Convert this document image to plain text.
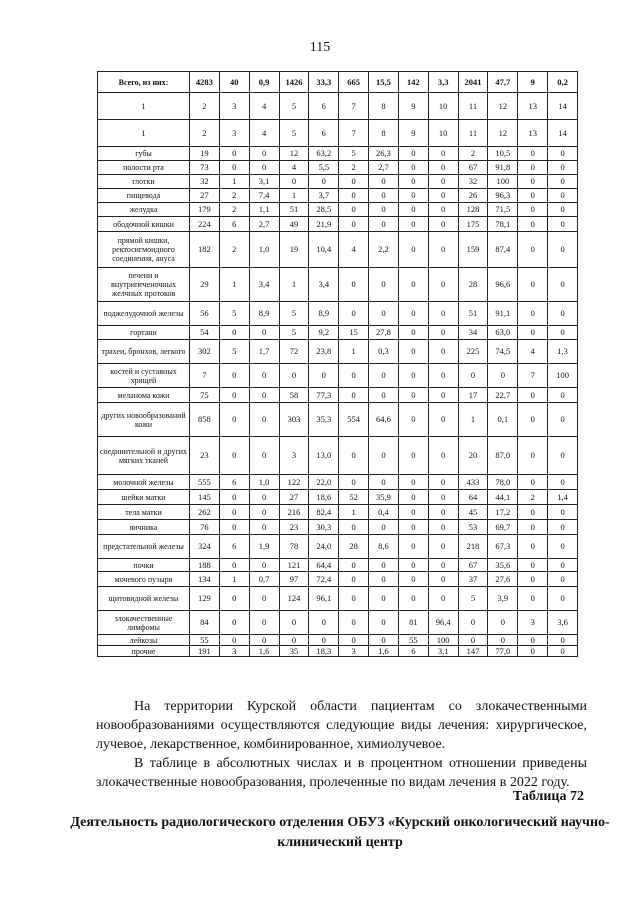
115
Всего, из них:	4283	40	0,9	1426	33,3	665	15,5	142	3,3	2041	47,7	9	0,2
1	2	3	4	5	6	7	8	9	10	11	12	13	14
1	2	3	4	5	6	7	8	9	10	11	12	13	14
губы	19	0	0	12	63,2	5	26,3	0	0	2	10,5	0	0
полости рта	73	0	0	4	5,5	2	2,7	0	0	67	91,8	0	0
глотки	32	1	3,1	0	0	0	0	0	0	32	100	0	0
пищевода	27	2	7,4	1	3,7	0	0	0	0	26	96,3	0	0
желудка	179	2	1,1	51	28,5	0	0	0	0	128	71,5	0	0
ободочной кишки	224	6	2,7	49	21,9	0	0	0	0	175	78,1	0	0
прямой кишки, ректосигмоидного соединения, ануса	182	2	1,0	19	10,4	4	2,2	0	0	159	87,4	0	0
печени и внутрипеченочных желчных протоков	29	1	3,4	1	3,4	0	0	0	0	28	96,6	0	0
поджелудочной железы	56	5	8,9	5	8,9	0	0	0	0	51	91,1	0	0
гортани	54	0	0	5	9,2	15	27,8	0	0	34	63,0	0	0
трахеи, бронхов, легкого	302	5	1,7	72	23,8	1	0,3	0	0	225	74,5	4	1,3
костей и суставных хрящей	7	0	0	0	0	0	0	0	0	0	0	7	100
меланома кожи	75	0	0	58	77,3	0	0	0	0	17	22,7	0	0
других новообразований кожи	858	0	0	303	35,3	554	64,6	0	0	1	0,1	0	0
соединительной и других мягких тканей	23	0	0	3	13,0	0	0	0	0	20	87,0	0	0
молочной железы	555	6	1,0	122	22,0	0	0	0	0	433	78,0	0	0
шейки матки	145	0	0	27	18,6	52	35,9	0	0	64	44,1	2	1,4
тела матки	262	0	0	216	82,4	1	0,4	0	0	45	17,2	0	0
яичника	76	0	0	23	30,3	0	0	0	0	53	69,7	0	0
предстательной железы	324	6	1,9	78	24,0	28	8,6	0	0	218	67,3	0	0
почки	188	0	0	121	64,4	0	0	0	0	67	35,6	0	0
мочевого пузыря	134	1	0,7	97	72,4	0	0	0	0	37	27,6	0	0
щитовидной железы	129	0	0	124	96,1	0	0	0	0	5	3,9	0	0
злокачественные лимфомы	84	0	0	0	0	0	0	81	96,4	0	0	3	3,6
лейкозы	55	0	0	0	0	0	0	55	100	0	0	0	0
прочие	191	3	1,6	35	18,3	3	1,6	6	3,1	147	77,0	0	0

На территории Курской области пациентам со злокачественными новообразованиями осуществляются следующие виды лечения: хирургическое, лучевое, лекарственное, комбинированное, химиолучевое.

В таблице в абсолютных числах и в процентном отношении приведены злокачественные новообразования, пролеченные по видам лечения в 2022 году.

Таблица 72
Деятельность радиологического отделения ОБУЗ «Курский онкологический научно-клинический центр
